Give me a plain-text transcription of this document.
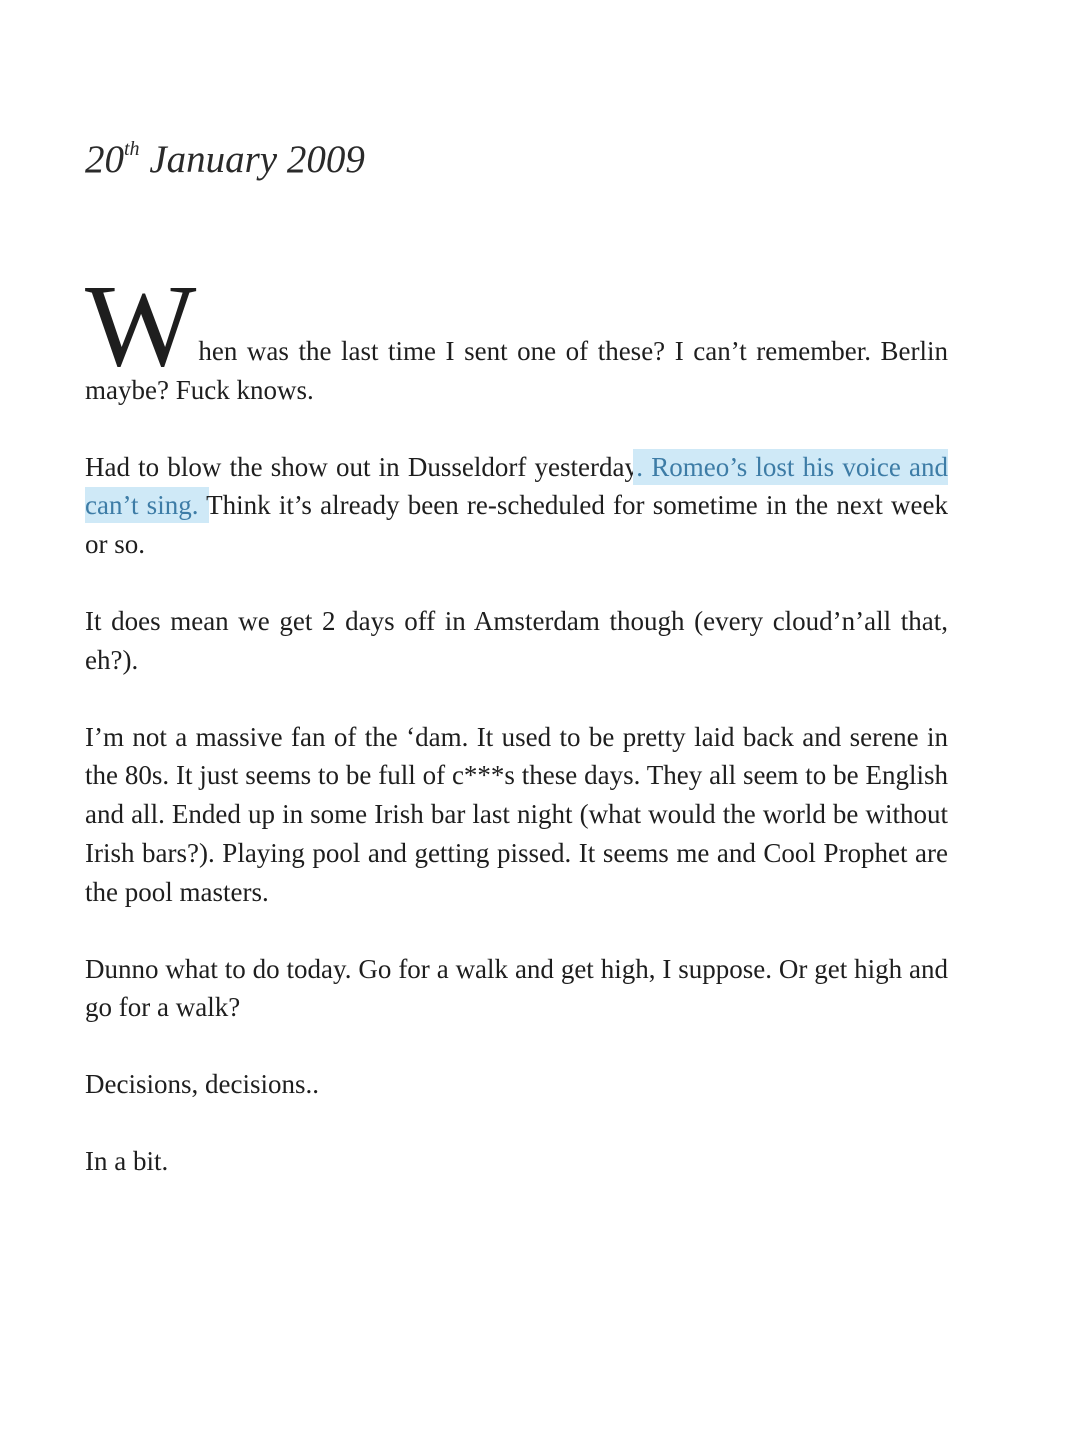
20th January 2009

W hen was the last time I sent one of these? I can’t remember. Berlin maybe? Fuck knows.

Had to blow the show out in Dusseldorf yesterday. Romeo’s lost his voice and can’t sing. Think it’s already been re-scheduled for sometime in the next week or so.

It does mean we get 2 days off in Amsterdam though (every cloud’n’all that, eh?).

I’m not a massive fan of the ‘dam. It used to be pretty laid back and serene in the 80s. It just seems to be full of c***s these days. They all seem to be English and all. Ended up in some Irish bar last night (what would the world be without Irish bars?). Playing pool and getting pissed. It seems me and Cool Prophet are the pool masters.

Dunno what to do today. Go for a walk and get high, I suppose. Or get high and go for a walk?

Decisions, decisions..

In a bit.
